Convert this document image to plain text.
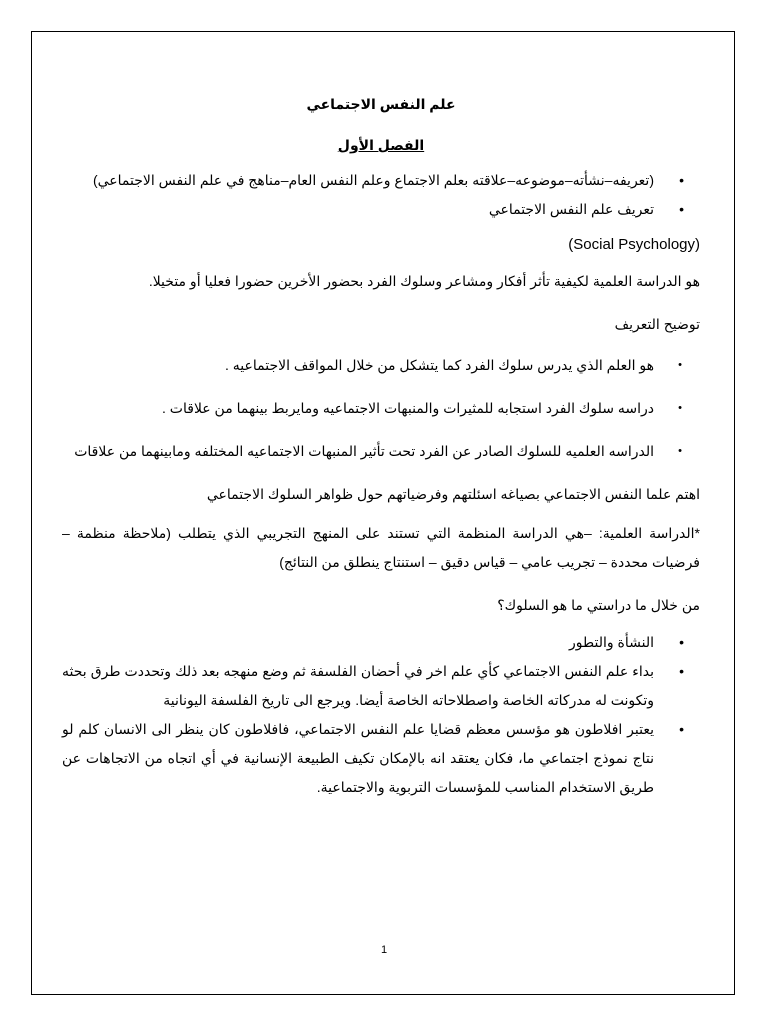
علم النفس الاجتماعي
الفصل الأول
• (تعريفه–نشأته–موضوعه–علاقته بعلم الاجتماع وعلم النفس العام–مناهج في علم النفس الاجتماعي)
• تعريف علم النفس الاجتماعي
(Social Psychology)

هو الدراسة العلمية لكيفية تأثر أفكار ومشاعر وسلوك الفرد بحضور الأخرين حضورا فعليا أو متخيلا.

توضيح التعريف

• هو العلم الذي يدرس سلوك الفرد كما يتشكل من خلال المواقف الاجتماعيه .
• دراسه سلوك الفرد استجابه للمثيرات والمنبهات الاجتماعيه ومايربط بينهما من علاقات .
• الدراسه العلميه للسلوك الصادر عن الفرد تحت تأثير المنبهات الاجتماعيه المختلفه ومابينهما من علاقات

اهتم علما النفس الاجتماعي بصياغه اسئلتهم وفرضياتهم حول ظواهر السلوك الاجتماعي

*الدراسة العلمية: –هي الدراسة المنظمة التي تستند على المنهج التجريبي الذي يتطلب (ملاحظة منظمة – فرضيات محددة – تجريب عامي – قياس دقيق – استنتاج ينطلق من النتائج)

من خلال ما دراستي ما هو السلوك؟

• النشأة والتطور
• بداء علم النفس الاجتماعي كأي علم اخر في أحضان الفلسفة ثم وضع منهجه بعد ذلك وتحددت طرق بحثه وتكونت له مدركاته الخاصة واصطلاحاته الخاصة أيضا. ويرجع الى تاريخ الفلسفة اليونانية
• يعتبر افلاطون هو مؤسس معظم قضايا علم النفس الاجتماعي، فافلاطون كان ينظر الى الانسان كلم لو نتاج نموذج اجتماعي ما، فكان يعتقد انه بالإمكان تكيف الطبيعة الإنسانية في أي اتجاه من الاتجاهات عن طريق الاستخدام المناسب للمؤسسات التربوية والاجتماعية.
1
